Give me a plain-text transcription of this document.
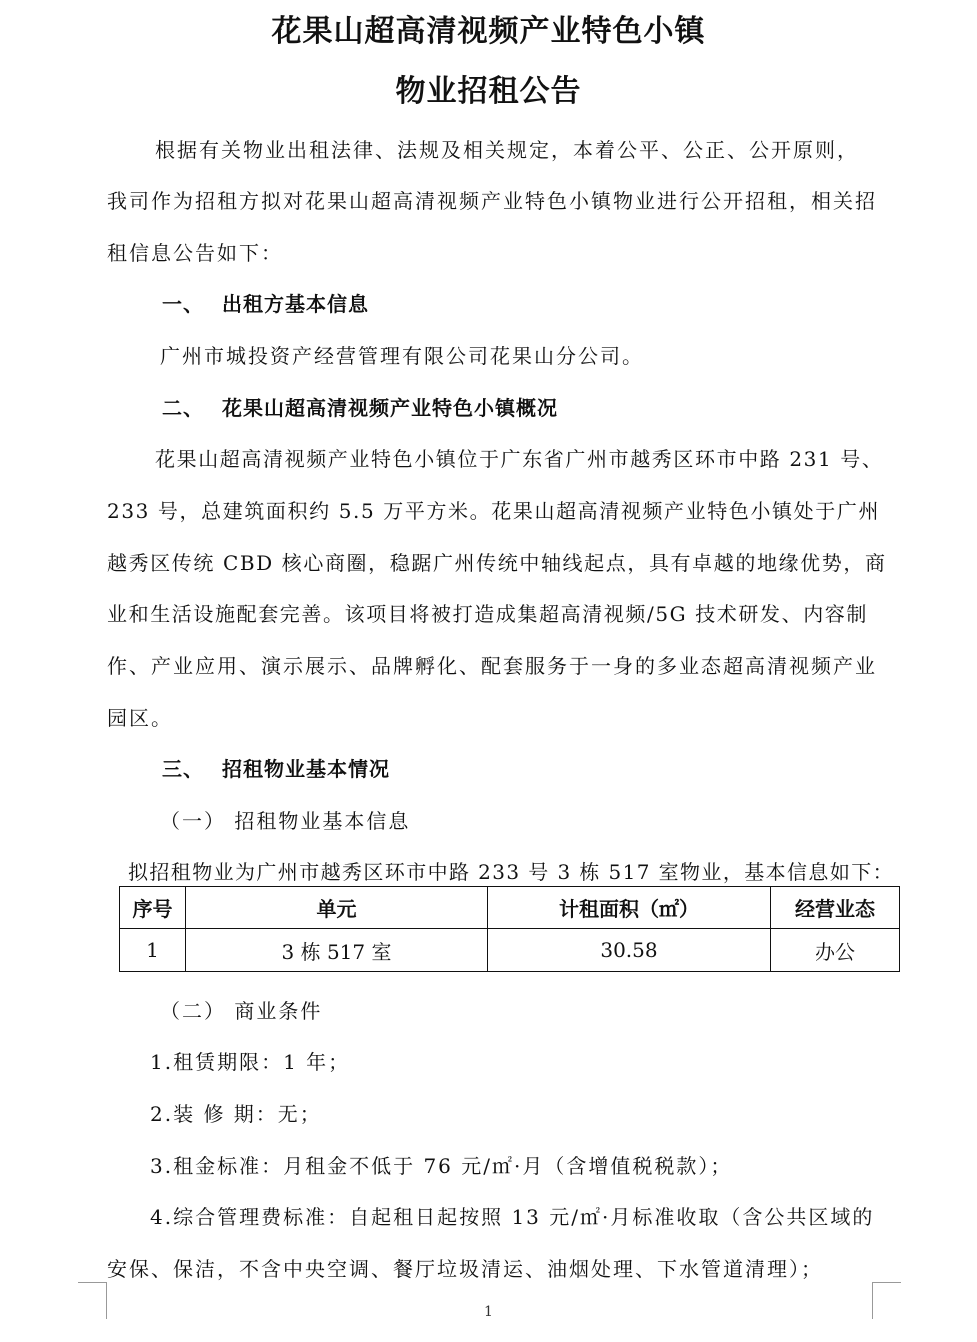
花果山超高清视频产业特色小镇
物业招租公告
根据有关物业出租法律、法规及相关规定，本着公平、公正、公开原则，
我司作为招租方拟对花果山超高清视频产业特色小镇物业进行公开招租，相关招
租信息公告如下：
一、 出租方基本信息
广州市城投资产经营管理有限公司花果山分公司。
二、 花果山超高清视频产业特色小镇概况
花果山超高清视频产业特色小镇位于广东省广州市越秀区环市中路 231 号、
233 号，总建筑面积约 5.5 万平方米。花果山超高清视频产业特色小镇处于广州
越秀区传统 CBD 核心商圈，稳踞广州传统中轴线起点，具有卓越的地缘优势，商
业和生活设施配套完善。该项目将被打造成集超高清视频/5G 技术研发、内容制
作、产业应用、演示展示、品牌孵化、配套服务于一身的多业态超高清视频产业
园区。
三、 招租物业基本情况
（一） 招租物业基本信息
拟招租物业为广州市越秀区环市中路 233 号 3 栋 517 室物业，基本信息如下：
序号	单元	计租面积（㎡）	经营业态
1	3 栋 517 室	30.58	办公
（二） 商业条件
1.租赁期限：1 年；
2.装 修 期：无；
3.租金标准：月租金不低于 76 元/㎡·月（含增值税税款）；
4.综合管理费标准：自起租日起按照 13 元/㎡·月标准收取（含公共区域的
安保、保洁，不含中央空调、餐厅垃圾清运、油烟处理、下水管道清理）；
1
